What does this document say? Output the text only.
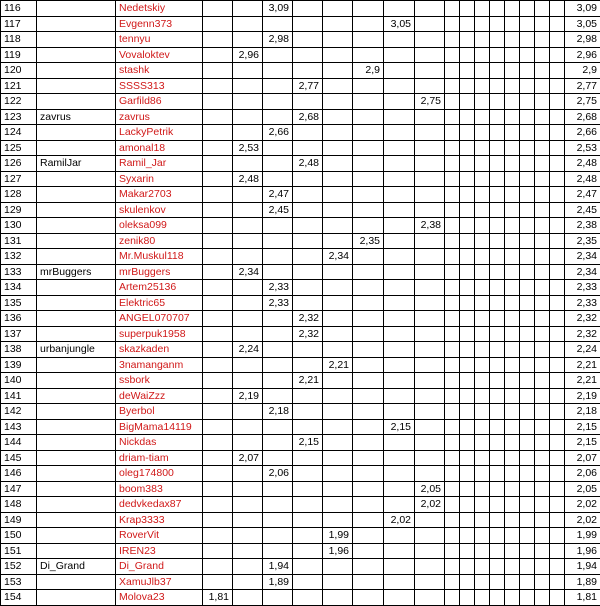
116		Nedetskiy			3,09														3,09
117		Evgenn373							3,05										3,05
118		tennyu			2,98														2,98
119		Vovaloktev		2,96															2,96
120		stashk						2,9											2,9
121		SSSS313				2,77													2,77
122		Garfild86								2,75									2,75
123	zavrus	zavrus				2,68													2,68
124		LackyPetrik			2,66														2,66
125		amonal18		2,53															2,53
126	RamilJar	Ramil_Jar				2,48													2,48
127		Syxarin		2,48															2,48
128		Makar2703			2,47														2,47
129		skulenkov			2,45														2,45
130		oleksa099								2,38									2,38
131		zenik80						2,35											2,35
132		Mr.Muskul118					2,34												2,34
133	mrBuggers	mrBuggers		2,34															2,34
134		Artem25136			2,33														2,33
135		Elektric65			2,33														2,33
136		ANGEL070707				2,32													2,32
137		superpuk1958				2,32													2,32
138	urbanjungle	skazkaden		2,24															2,24
139		3namanganm					2,21												2,21
140		ssbork				2,21													2,21
141		deWaiZzz		2,19															2,19
142		Byerbol			2,18														2,18
143		BigMama14119							2,15										2,15
144		Nickdas				2,15													2,15
145		driam-tiam		2,07															2,07
146		oleg174800			2,06														2,06
147		boom383								2,05									2,05
148		dedvkedax87								2,02									2,02
149		Krap3333							2,02										2,02
150		RoverVit					1,99												1,99
151		IREN23					1,96												1,96
152	Di_Grand	Di_Grand			1,94														1,94
153		XamuJlb37			1,89														1,89
154		Molova23	1,81																1,81
